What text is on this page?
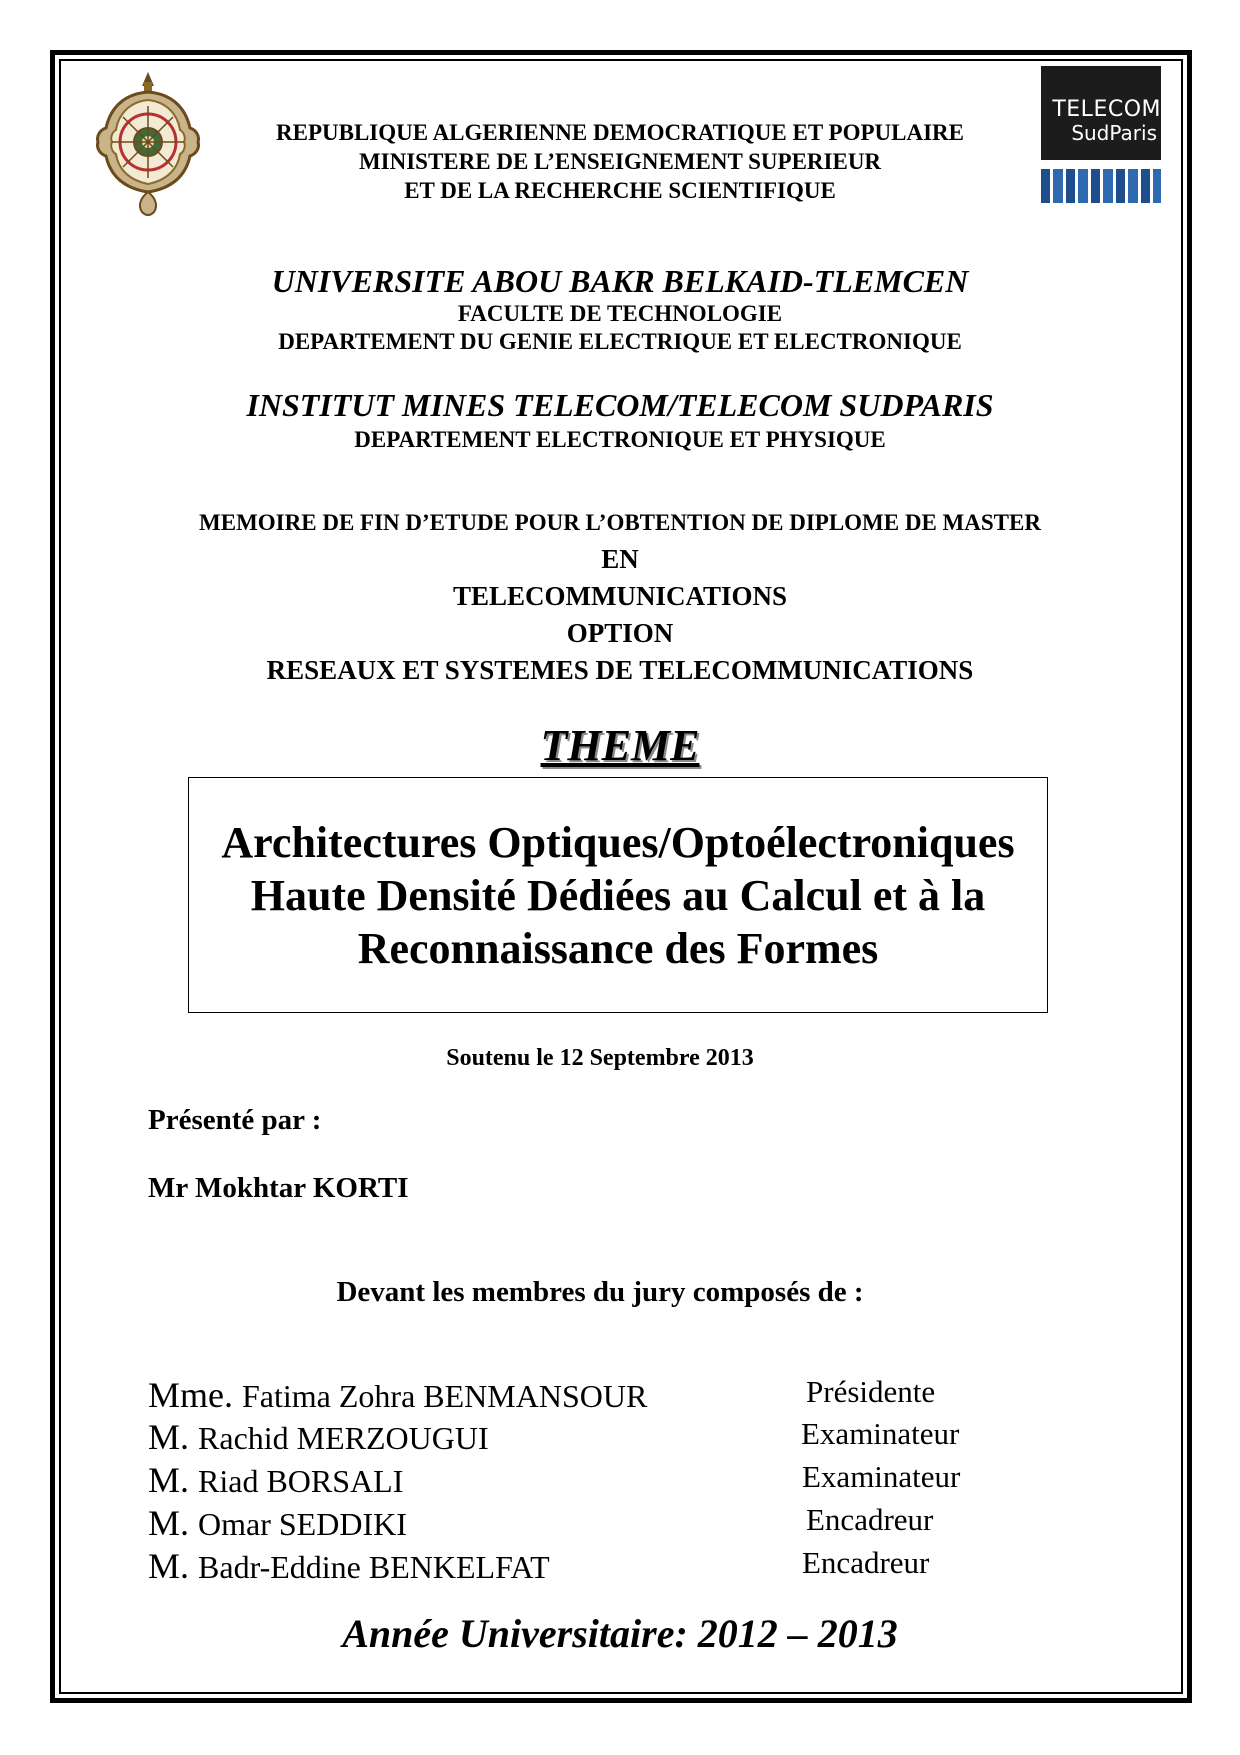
TELECOM
SudParis
REPUBLIQUE ALGERIENNE DEMOCRATIQUE ET POPULAIRE
MINISTERE DE L’ENSEIGNEMENT SUPERIEUR
ET DE LA RECHERCHE SCIENTIFIQUE
UNIVERSITE ABOU BAKR BELKAID-TLEMCEN
FACULTE DE TECHNOLOGIE
DEPARTEMENT DU GENIE ELECTRIQUE ET ELECTRONIQUE
INSTITUT MINES TELECOM/TELECOM SUDPARIS
DEPARTEMENT ELECTRONIQUE ET PHYSIQUE
MEMOIRE DE FIN D’ETUDE POUR L’OBTENTION DE DIPLOME DE MASTER
EN
TELECOMMUNICATIONS
OPTION
RESEAUX ET SYSTEMES DE TELECOMMUNICATIONS
THEME
Architectures Optiques/Optoélectroniques
Haute Densité Dédiées au Calcul et à la
Reconnaissance des Formes
Soutenu le 12 Septembre 2013
Présenté par :
Mr Mokhtar KORTI
Devant les membres du jury composés de :
Mme. Fatima Zohra BENMANSOUR	Présidente
M. Rachid MERZOUGUI	Examinateur
M. Riad BORSALI	Examinateur
M. Omar SEDDIKI	Encadreur
M. Badr-Eddine BENKELFAT	Encadreur
Année Universitaire: 2012 – 2013
